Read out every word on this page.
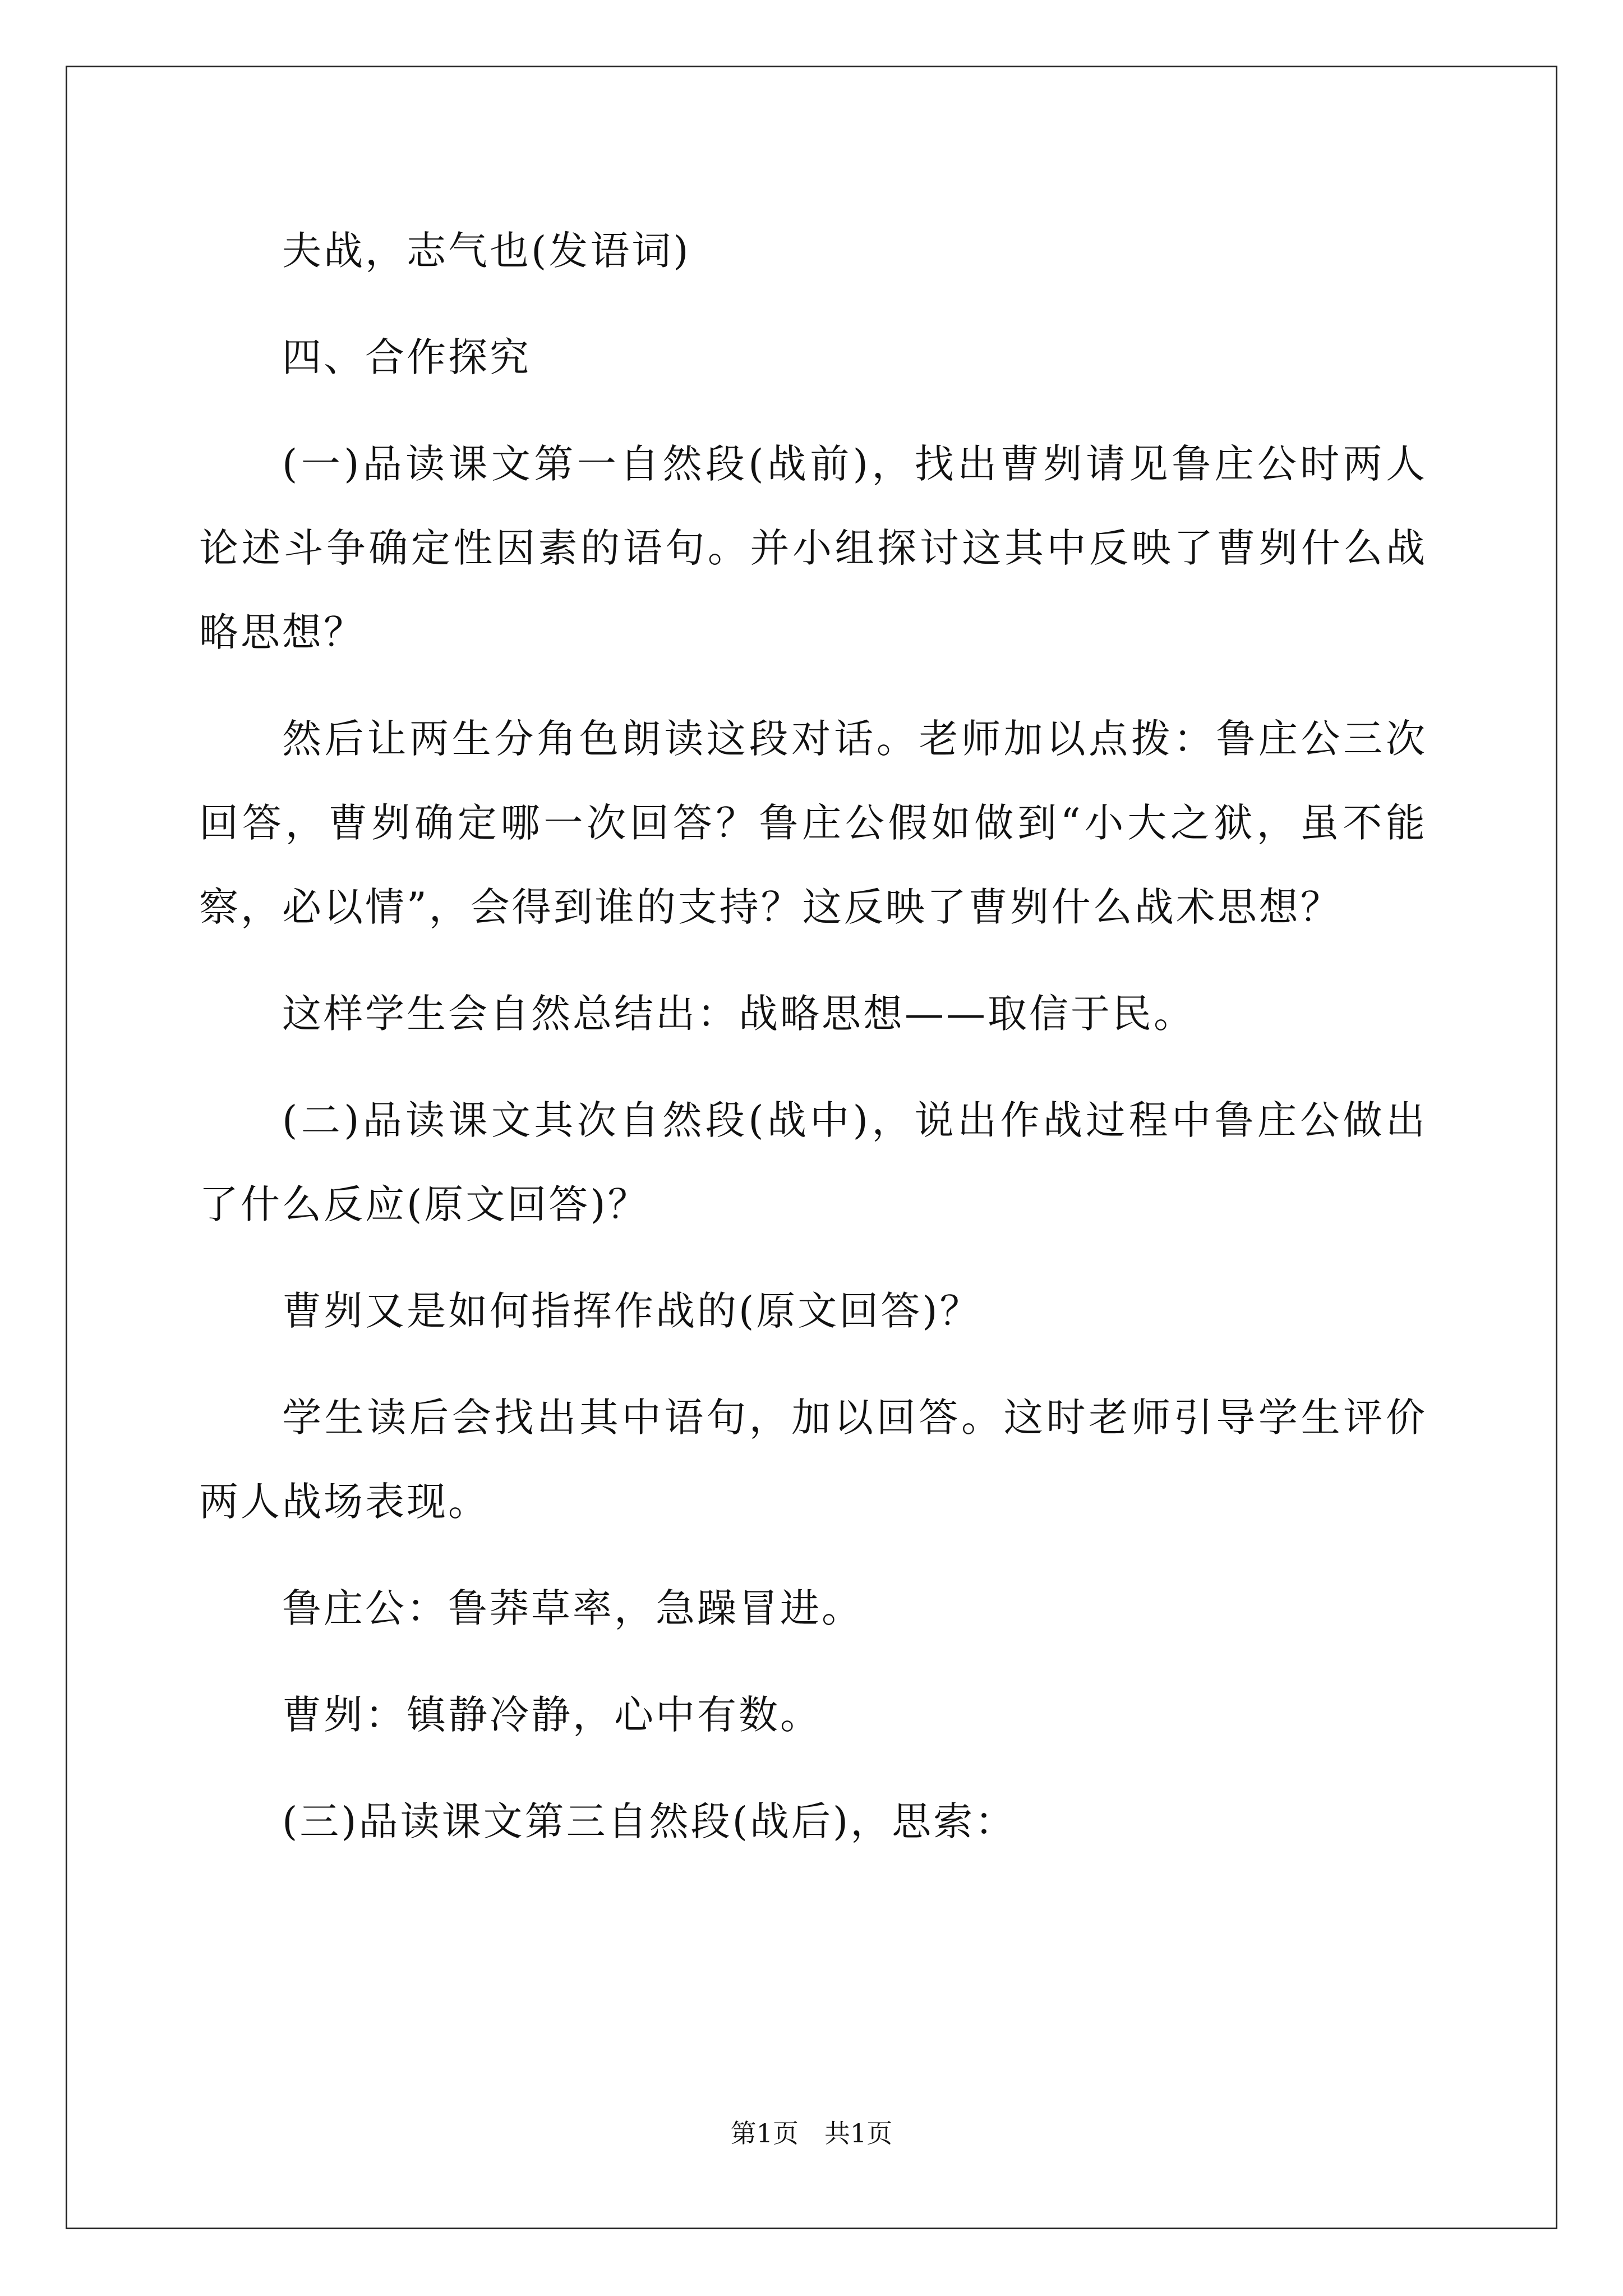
夫战，志气也(发语词)

四、合作探究

(一)品读课文第一自然段(战前)，找出曹刿请见鲁庄公时两人论述斗争确定性因素的语句。并小组探讨这其中反映了曹刿什么战略思想？

然后让两生分角色朗读这段对话。老师加以点拨：鲁庄公三次回答，曹刿确定哪一次回答？鲁庄公假如做到“小大之狱，虽不能察，必以情”，会得到谁的支持？这反映了曹刿什么战术思想？

这样学生会自然总结出：战略思想——取信于民。

(二)品读课文其次自然段(战中)，说出作战过程中鲁庄公做出了什么反应(原文回答)？

曹刿又是如何指挥作战的(原文回答)？

学生读后会找出其中语句，加以回答。这时老师引导学生评价两人战场表现。

鲁庄公：鲁莽草率，急躁冒进。

曹刿：镇静冷静，心中有数。

(三)品读课文第三自然段(战后)，思索：

第1页　共1页
